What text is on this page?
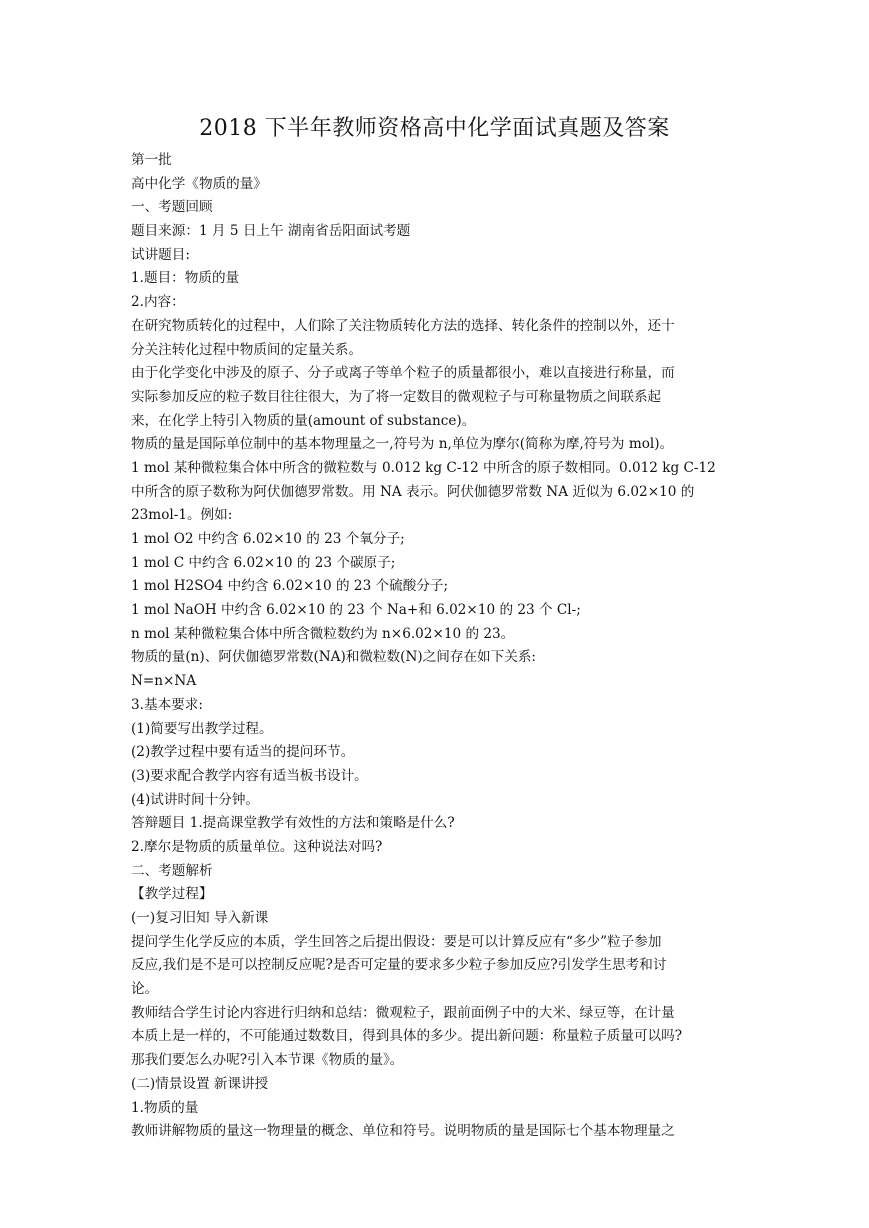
2018 下半年教师资格高中化学面试真题及答案
第一批
高中化学《物质的量》
一、考题回顾
题目来源：1 月 5 日上午 湖南省岳阳面试考题
试讲题目:
1.题目：物质的量
2.内容：
在研究物质转化的过程中，人们除了关注物质转化方法的选择、转化条件的控制以外，还十
分关注转化过程中物质间的定量关系。
由于化学变化中涉及的原子、分子或离子等单个粒子的质量都很小，难以直接进行称量，而
实际参加反应的粒子数目往往很大，为了将一定数目的微观粒子与可称量物质之间联系起
来，在化学上特引入物质的量(amount of substance)。
物质的量是国际单位制中的基本物理量之一,符号为 n,单位为摩尔(简称为摩,符号为 mol)。
1 mol 某种微粒集合体中所含的微粒数与 0.012 kg C-12 中所含的原子数相同。0.012 kg C-12
中所含的原子数称为阿伏伽德罗常数。用 NA 表示。阿伏伽德罗常数 NA 近似为 6.02×10 的
23mol-1。例如:
1 mol O2 中约含 6.02×10 的 23 个氧分子;
1 mol C 中约含 6.02×10 的 23 个碳原子;
1 mol H2SO4 中约含 6.02×10 的 23 个硫酸分子;
1 mol NaOH 中约含 6.02×10 的 23 个 Na+和 6.02×10 的 23 个 Cl-;
n mol 某种微粒集合体中所含微粒数约为 n×6.02×10 的 23。
物质的量(n)、阿伏伽德罗常数(NA)和微粒数(N)之间存在如下关系:
N=n×NA
3.基本要求:
(1)简要写出教学过程。
(2)教学过程中要有适当的提问环节。
(3)要求配合教学内容有适当板书设计。
(4)试讲时间十分钟。
答辩题目 1.提高课堂教学有效性的方法和策略是什么?
2.摩尔是物质的质量单位。这种说法对吗?
二、考题解析
【教学过程】
(一)复习旧知 导入新课
提问学生化学反应的本质，学生回答之后提出假设：要是可以计算反应有“多少”粒子参加
反应,我们是不是可以控制反应呢?是否可定量的要求多少粒子参加反应?引发学生思考和讨
论。
教师结合学生讨论内容进行归纳和总结：微观粒子，跟前面例子中的大米、绿豆等，在计量
本质上是一样的，不可能通过数数目，得到具体的多少。提出新问题：称量粒子质量可以吗?
那我们要怎么办呢?引入本节课《物质的量》。
(二)情景设置 新课讲授
1.物质的量
教师讲解物质的量这一物理量的概念、单位和符号。说明物质的量是国际七个基本物理量之
